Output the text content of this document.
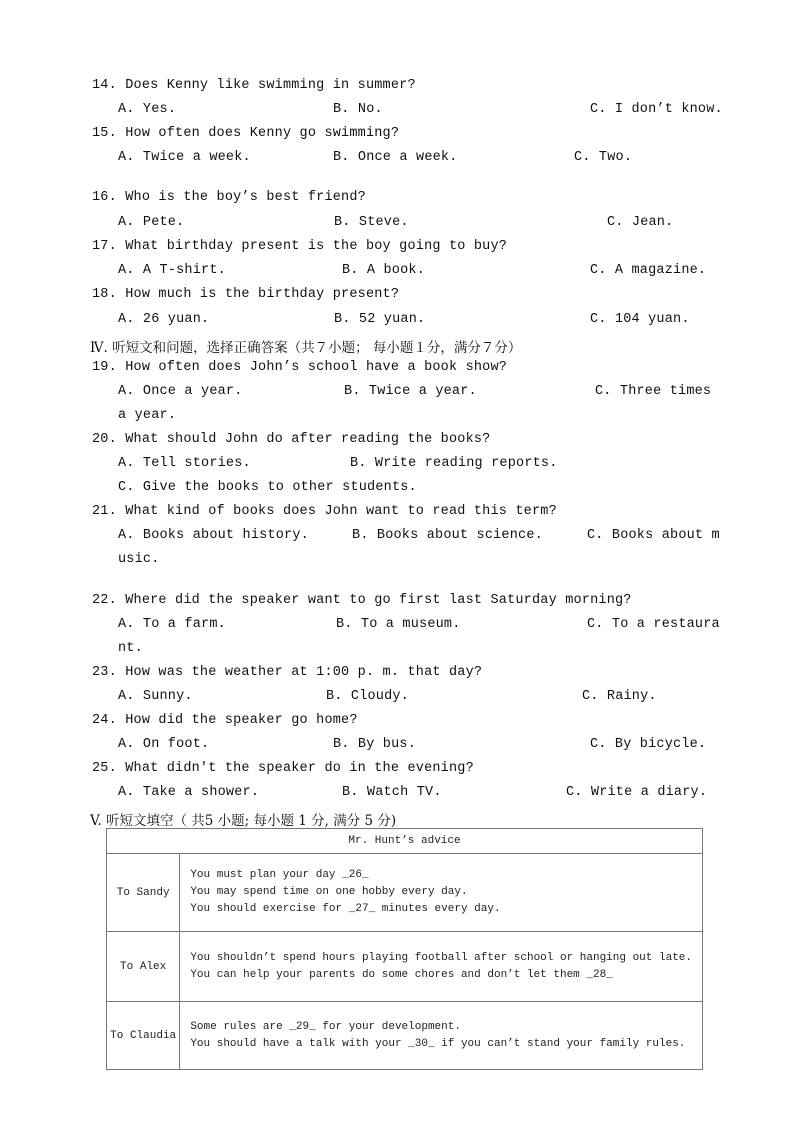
14. Does Kenny like swimming in summer?
A. Yes.	B. No.	C. I don’t know.
15. How often does Kenny go swimming?
A. Twice a week.	B. Once a week.	C. Two.
16. Who is the boy’s best friend?
A. Pete.	B. Steve.	C. Jean.
17. What birthday present is the boy going to buy?
A. A T-shirt.	B. A book.	C. A magazine.
18. How much is the birthday present?
A. 26 yuan.	B. 52 yuan.	C. 104 yuan.
Ⅳ. 听短文和问题，选择正确答案（共７小题； 每小题１分，满分７分）
19. How often does John’s school have a book show?
A. Once a year.	B. Twice a year.	C. Three times
a year.
20. What should John do after reading the books?
A. Tell stories.	B. Write reading reports.
C. Give the books to other students.
21. What kind of books does John want to read this term?
A. Books about history.	B. Books about science.	C. Books about m
usic.
22. Where did the speaker want to go first last Saturday morning?
A. To a farm.	B. To a museum.	C. To a restaura
nt.
23. How was the weather at 1:00 p. m. that day?
A. Sunny.	B. Cloudy.	C. Rainy.
24. How did the speaker go home?
A. On foot.	B. By bus.	C. By bicycle.
25. What didn't the speaker do in the evening?
A. Take a shower.	B. Watch TV.	C. Write a diary.
V. 听短文填空（ 共5 小题; 每小题 1 分, 满分 5 分)
Mr. Hunt’s advice	
To Sandy	You must plan your day _26_
You may spend time on one hobby every day.
You should exercise for _27_ minutes every day.

To Alex	You shouldn’t spend hours playing football after school or hanging out late.
You can help your parents do some chores and don’t let them _28_

To Claudia	Some rules are _29_ for your development.
You should have a talk with your _30_ if you can’t stand your family rules.
